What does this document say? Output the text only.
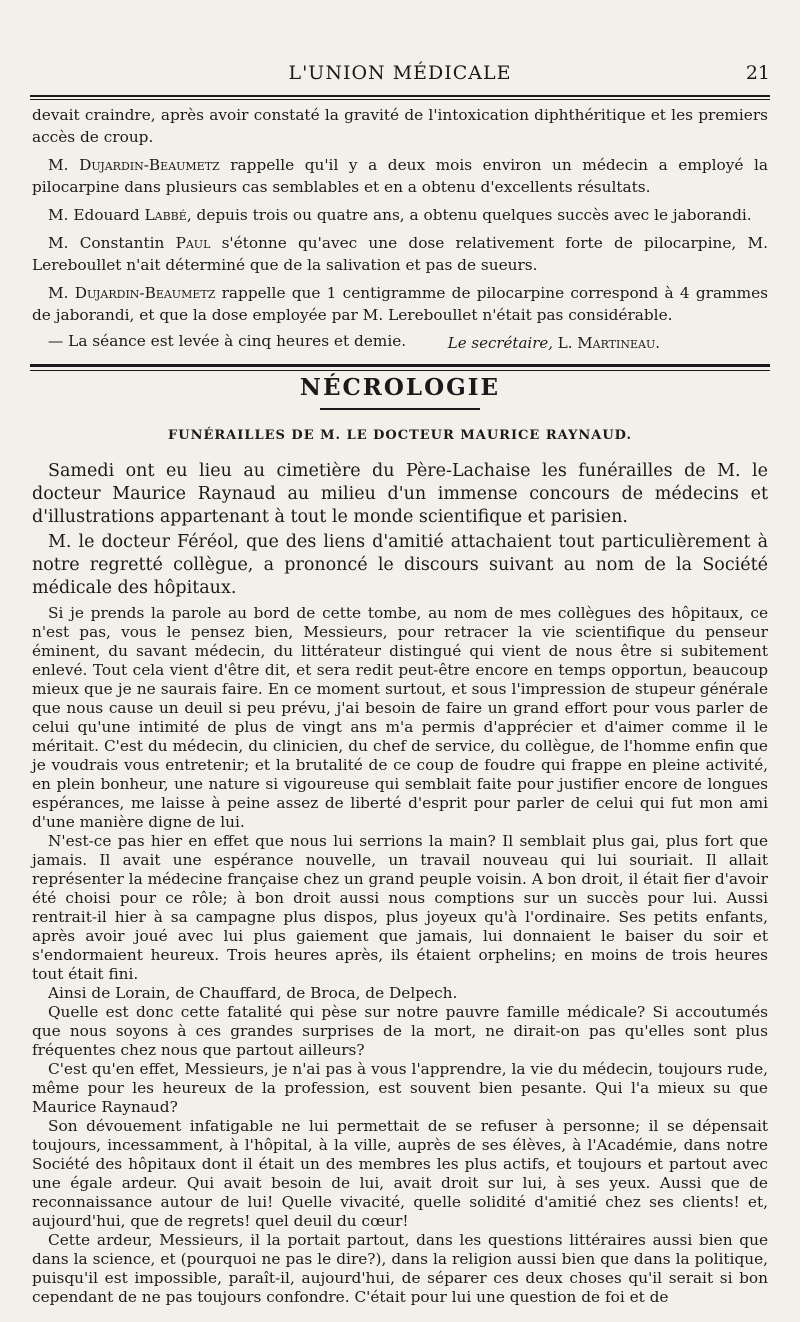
L'UNION MÉDICALE	21

devait craindre, après avoir constaté la gravité de l'intoxication diphthéritique et les premiers accès de croup.

M. Dujardin-Beaumetz rappelle qu'il y a deux mois environ un médecin a employé la pilocarpine dans plusieurs cas semblables et en a obtenu d'excellents résultats.

M. Edouard Labbé, depuis trois ou quatre ans, a obtenu quelques succès avec le jaborandi.

M. Constantin Paul s'étonne qu'avec une dose relativement forte de pilocarpine, M. Lereboullet n'ait déterminé que de la salivation et pas de sueurs.

M. Dujardin-Beaumetz rappelle que 1 centigramme de pilocarpine correspond à 4 grammes de jaborandi, et que la dose employée par M. Lereboullet n'était pas considérable.

— La séance est levée à cinq heures et demie.	Le secrétaire, L. Martineau.
NÉCROLOGIE
FUNÉRAILLES DE M. LE DOCTEUR MAURICE RAYNAUD.

Samedi ont eu lieu au cimetière du Père-Lachaise les funérailles de M. le docteur Maurice Raynaud au milieu d'un immense concours de médecins et d'illustrations appartenant à tout le monde scientifique et parisien.

M. le docteur Féréol, que des liens d'amitié attachaient tout particulièrement à notre regretté collègue, a prononcé le discours suivant au nom de la Société médicale des hôpitaux.

Si je prends la parole au bord de cette tombe, au nom de mes collègues des hôpitaux, ce n'est pas, vous le pensez bien, Messieurs, pour retracer la vie scientifique du penseur éminent, du savant médecin, du littérateur distingué qui vient de nous être si subitement enlevé. Tout cela vient d'être dit, et sera redit peut-être encore en temps opportun, beaucoup mieux que je ne saurais faire. En ce moment surtout, et sous l'impression de stupeur générale que nous cause un deuil si peu prévu, j'ai besoin de faire un grand effort pour vous parler de celui qu'une intimité de plus de vingt ans m'a permis d'apprécier et d'aimer comme il le méritait. C'est du médecin, du clinicien, du chef de service, du collègue, de l'homme enfin que je voudrais vous entretenir; et la brutalité de ce coup de foudre qui frappe en pleine activité, en plein bonheur, une nature si vigoureuse qui semblait faite pour justifier encore de longues espérances, me laisse à peine assez de liberté d'esprit pour parler de celui qui fut mon ami d'une manière digne de lui.

N'est-ce pas hier en effet que nous lui serrions la main? Il semblait plus gai, plus fort que jamais. Il avait une espérance nouvelle, un travail nouveau qui lui souriait. Il allait représenter la médecine française chez un grand peuple voisin. A bon droit, il était fier d'avoir été choisi pour ce rôle; à bon droit aussi nous comptions sur un succès pour lui. Aussi rentrait-il hier à sa campagne plus dispos, plus joyeux qu'à l'ordinaire. Ses petits enfants, après avoir joué avec lui plus gaiement que jamais, lui donnaient le baiser du soir et s'endormaient heureux. Trois heures après, ils étaient orphelins; en moins de trois heures tout était fini.

Ainsi de Lorain, de Chauffard, de Broca, de Delpech.

Quelle est donc cette fatalité qui pèse sur notre pauvre famille médicale? Si accoutumés que nous soyons à ces grandes surprises de la mort, ne dirait-on pas qu'elles sont plus fréquentes chez nous que partout ailleurs?

C'est qu'en effet, Messieurs, je n'ai pas à vous l'apprendre, la vie du médecin, toujours rude, même pour les heureux de la profession, est souvent bien pesante. Qui l'a mieux su que Maurice Raynaud?

Son dévouement infatigable ne lui permettait de se refuser à personne; il se dépensait toujours, incessamment, à l'hôpital, à la ville, auprès de ses élèves, à l'Académie, dans notre Société des hôpitaux dont il était un des membres les plus actifs, et toujours et partout avec une égale ardeur. Qui avait besoin de lui, avait droit sur lui, à ses yeux. Aussi que de reconnaissance autour de lui! Quelle vivacité, quelle solidité d'amitié chez ses clients! et, aujourd'hui, que de regrets! quel deuil du cœur!

Cette ardeur, Messieurs, il la portait partout, dans les questions littéraires aussi bien que dans la science, et (pourquoi ne pas le dire?), dans la religion aussi bien que dans la politique, puisqu'il est impossible, paraît-il, aujourd'hui, de séparer ces deux choses qu'il serait si bon cependant de ne pas toujours confondre. C'était pour lui une question de foi et de
